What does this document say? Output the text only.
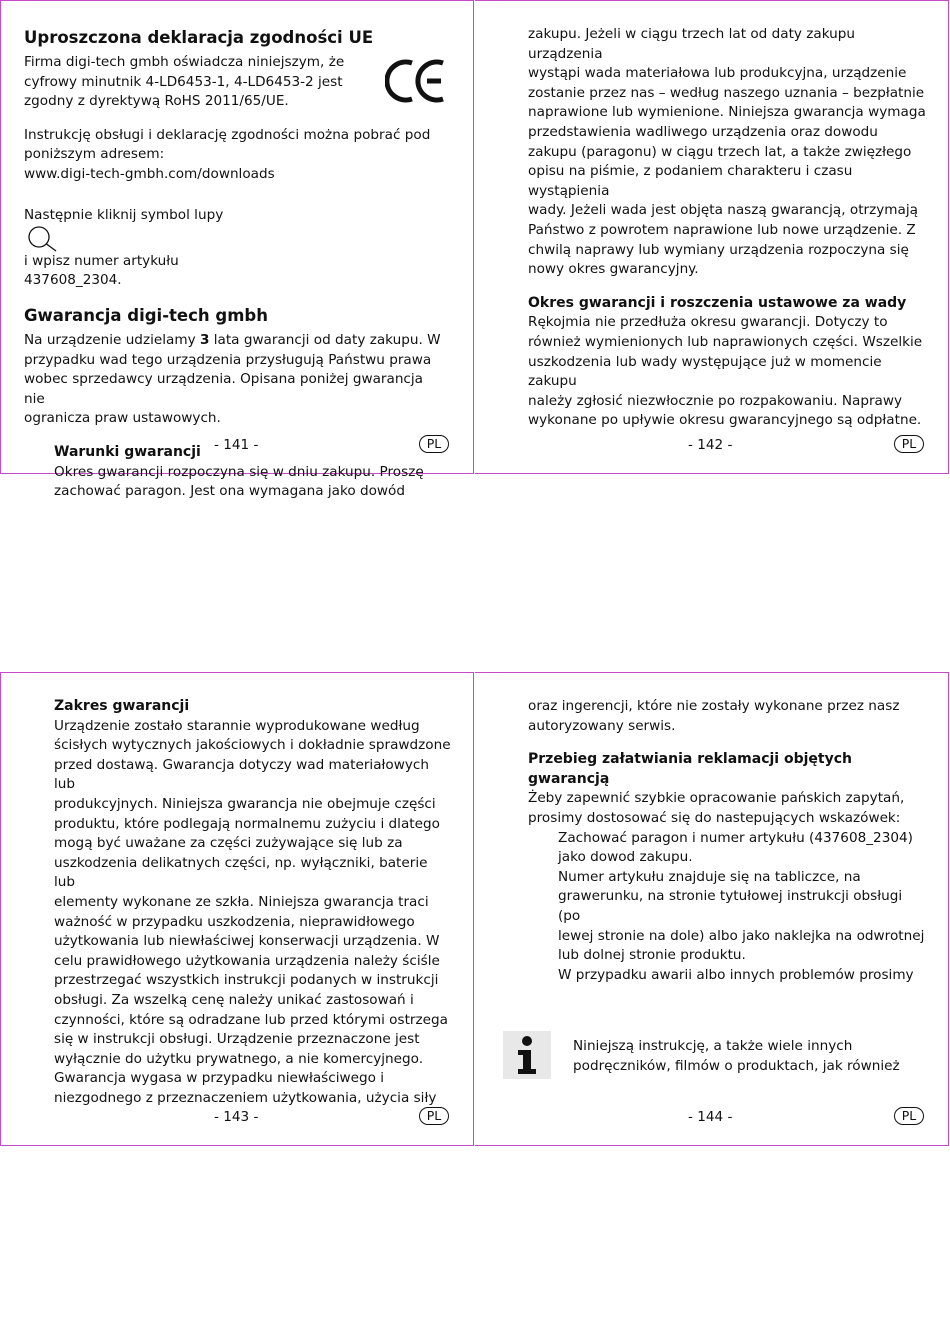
Uproszczona deklaracja zgodności UE

Firma digi-tech gmbh oświadcza niniejszym, że
cyfrowy minutnik 4-LD6453-1, 4-LD6453-2 jest
zgodny z dyrektywą RoHS 2011/65/UE.

Instrukcję obsługi i deklarację zgodności można pobrać pod
poniższym adresem:
www.digi-tech-gmbh.com/downloads

Następnie kliknij symbol lupy

i wpisz numer artykułu

437608_2304.

Gwarancja digi-tech gmbh

Na urządzenie udzielamy 3 lata gwarancji od daty zakupu. W
przypadku wad tego urządzenia przysługują Państwu prawa
wobec sprzedawcy urządzenia. Opisana poniżej gwarancja nie
ogranicza praw ustawowych.

Warunki gwarancji

Okres gwarancji rozpoczyna się w dniu zakupu. Proszę
zachować paragon. Jest ona wymagana jako dowód

- 141 -	PL

zakupu. Jeżeli w ciągu trzech lat od daty zakupu urządzenia
wystąpi wada materiałowa lub produkcyjna, urządzenie
zostanie przez nas – według naszego uznania – bezpłatnie
naprawione lub wymienione. Niniejsza gwarancja wymaga
przedstawienia wadliwego urządzenia oraz dowodu
zakupu (paragonu) w ciągu trzech lat, a także zwięzłego
opisu na piśmie, z podaniem charakteru i czasu wystąpienia
wady. Jeżeli wada jest objęta naszą gwarancją, otrzymają
Państwo z powrotem naprawione lub nowe urządzenie. Z
chwilą naprawy lub wymiany urządzenia rozpoczyna się
nowy okres gwarancyjny.

Okres gwarancji i roszczenia ustawowe za wady

Rękojmia nie przedłuża okresu gwarancji. Dotyczy to
również wymienionych lub naprawionych części. Wszelkie
uszkodzenia lub wady występujące już w momencie zakupu
należy zgłosić niezwłocznie po rozpakowaniu. Naprawy
wykonane po upływie okresu gwarancyjnego są odpłatne.

- 142 -	PL

Zakres gwarancji

Urządzenie zostało starannie wyprodukowane według
ścisłych wytycznych jakościowych i dokładnie sprawdzone
przed dostawą. Gwarancja dotyczy wad materiałowych lub
produkcyjnych. Niniejsza gwarancja nie obejmuje części
produktu, które podlegają normalnemu zużyciu i dlatego
mogą być uważane za części zużywające się lub za
uszkodzenia delikatnych części, np. wyłączniki, baterie lub
elementy wykonane ze szkła. Niniejsza gwarancja traci
ważność w przypadku uszkodzenia, nieprawidłowego
użytkowania lub niewłaściwej konserwacji urządzenia. W
celu prawidłowego użytkowania urządzenia należy ściśle
przestrzegać wszystkich instrukcji podanych w instrukcji
obsługi. Za wszelką cenę należy unikać zastosowań i
czynności, które są odradzane lub przed którymi ostrzega
się w instrukcji obsługi. Urządzenie przeznaczone jest
wyłącznie do użytku prywatnego, a nie komercyjnego.
Gwarancja wygasa w przypadku niewłaściwego i
niezgodnego z przeznaczeniem użytkowania, użycia siły

- 143 -	PL

oraz ingerencji, które nie zostały wykonane przez nasz
autoryzowany serwis.

Przebieg załatwiania reklamacji objętych
gwarancją

Żeby zapewnić szybkie opracowanie pańskich zapytań,
prosimy dostosować się do nastepujących wskazówek:

Zachować paragon i numer artykułu (437608_2304)
jako dowod zakupu.

Numer artykułu znajduje się na tabliczce, na
grawerunku, na stronie tytułowej instrukcji obsługi (po
lewej stronie na dole) albo jako naklejka na odwrotnej
lub dolnej stronie produktu.

W przypadku awarii albo innych problemów prosimy

Niniejszą instrukcję, a także wiele innych
podręczników, filmów o produktach, jak również

- 144 -	PL
